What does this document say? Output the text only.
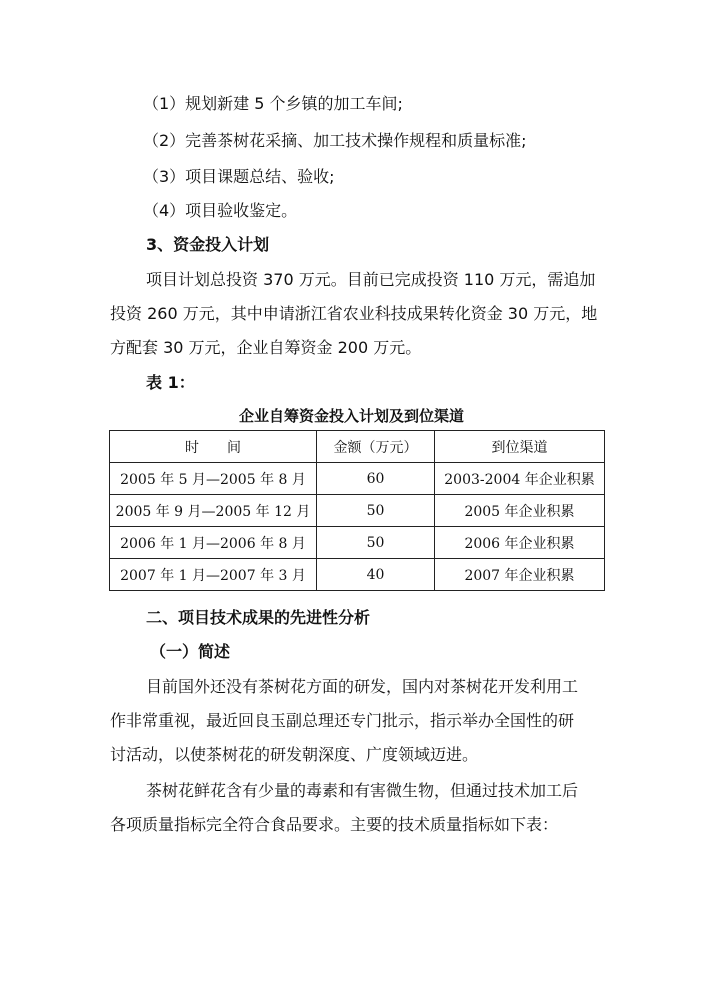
（1）规划新建 5 个乡镇的加工车间;
（2）完善茶树花采摘、加工技术操作规程和质量标准;
（3）项目课题总结、验收;
（4）项目验收鉴定。
3、资金投入计划
项目计划总投资 370 万元。目前已完成投资 110 万元，需追加
投资 260 万元，其中申请浙江省农业科技成果转化资金 30 万元，地
方配套 30 万元，企业自筹资金 200 万元。
表 1：
企业自筹资金投入计划及到位渠道
时　　间	金额（万元）	到位渠道
2005 年 5 月—2005 年 8 月	60	2003-2004 年企业积累
2005 年 9 月—2005 年 12 月	50	2005 年企业积累
2006 年 1 月—2006 年 8 月	50	2006 年企业积累
2007 年 1 月—2007 年 3 月	40	2007 年企业积累
二、项目技术成果的先进性分析
（一）简述
目前国外还没有茶树花方面的研发，国内对茶树花开发利用工
作非常重视，最近回良玉副总理还专门批示，指示举办全国性的研
讨活动，以使茶树花的研发朝深度、广度领域迈进。
茶树花鲜花含有少量的毒素和有害微生物，但通过技术加工后
各项质量指标完全符合食品要求。主要的技术质量指标如下表：
